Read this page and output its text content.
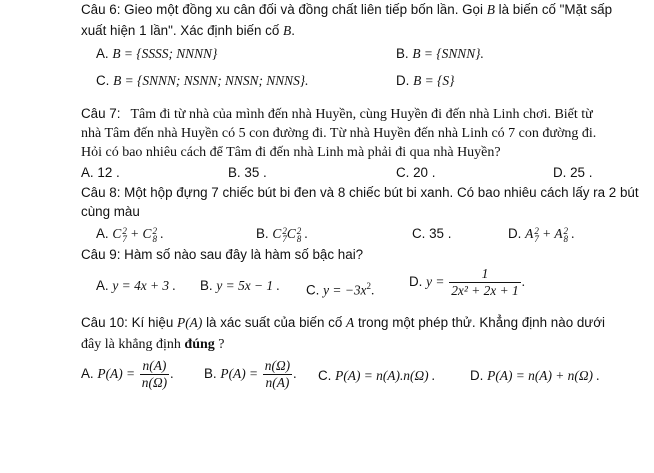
Câu 6: Gieo một đồng xu cân đối và đồng chất liên tiếp bốn lần. Gọi B là biến cố "Mặt sấp
xuất hiện 1 lần". Xác định biến cố B.
A. B = {SSSS; NNNN}	B. B = {SNNN}.
C. B = {SNNN; NSNN; NNSN; NNNS}.	D. B = {S}
Câu 7: Tâm đi từ nhà của mình đến nhà Huyền, cùng Huyền đi đến nhà Linh chơi. Biết từ
nhà Tâm đến nhà Huyền có 5 con đường đi. Từ nhà Huyền đến nhà Linh có 7 con đường đi.
Hỏi có bao nhiêu cách để Tâm đi đến nhà Linh mà phải đi qua nhà Huyền?
A. 12 .	B. 35 .	C. 20 .	D. 25 .
Câu 8: Một hộp đựng 7 chiếc bút bi đen và 8 chiếc bút bi xanh. Có bao nhiêu cách lấy ra 2 bút
cùng màu
A. C 2
7 + C 2
8 .	B. C 2
7 C 2
8 .	C. 35 .	D. A 2
7 + A 2
8 .
Câu 9: Hàm số nào sau đây là hàm số bậc hai?
A. y = 4x + 3 . B. y = 5x − 1 . C. $y = -3x^2$.
D. $y = \frac{1}{\text{2x² + 2x + 1}}$ .
Câu 10: Kí hiệu P(A) là xác suất của biến cố A trong một phép thử. Khẳng định nào dưới
đây là khẳng định đúng ?
A. $P(A) = \frac{n(A)}{n(\Omega)}$ . B. $P(A) = \frac{n(\Omega)}{n(A)}$ . C. P(A) = n(A).n(Ω) .	D. P(A) = n(A) + n(Ω) .
